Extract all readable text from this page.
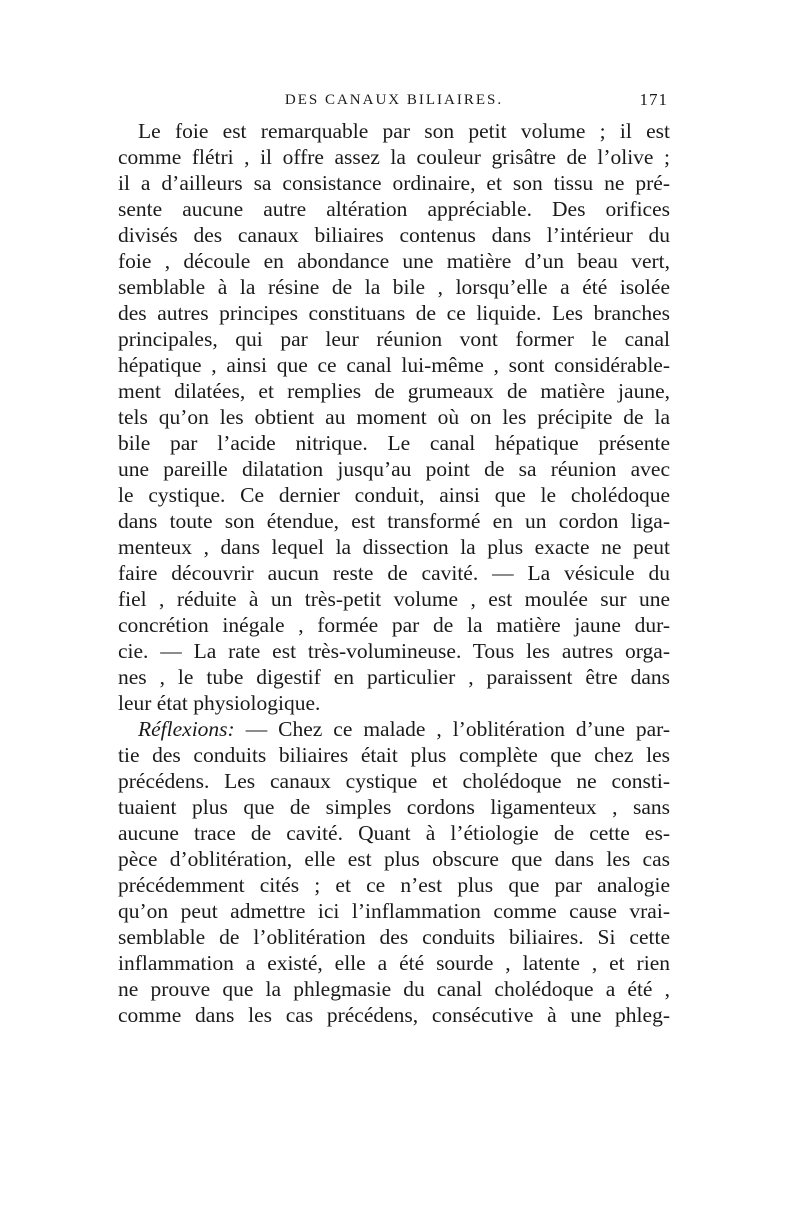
DES CANAUX BILIAIRES.	171
Le foie est remarquable par son petit volume ; il est
comme flétri , il offre assez la couleur grisâtre de l’olive ;
il a d’ailleurs sa consistance ordinaire, et son tissu ne pré-
sente aucune autre altération appréciable. Des orifices
divisés des canaux biliaires contenus dans l’intérieur du
foie , découle en abondance une matière d’un beau vert,
semblable à la résine de la bile , lorsqu’elle a été isolée
des autres principes constituans de ce liquide. Les branches
principales, qui par leur réunion vont former le canal
hépatique , ainsi que ce canal lui-même , sont considérable-
ment dilatées, et remplies de grumeaux de matière jaune,
tels qu’on les obtient au moment où on les précipite de la
bile par l’acide nitrique. Le canal hépatique présente
une pareille dilatation jusqu’au point de sa réunion avec
le cystique. Ce dernier conduit, ainsi que le cholédoque
dans toute son étendue, est transformé en un cordon liga-
menteux , dans lequel la dissection la plus exacte ne peut
faire découvrir aucun reste de cavité. — La vésicule du
fiel , réduite à un très-petit volume , est moulée sur une
concrétion inégale , formée par de la matière jaune dur-
cie. — La rate est très-volumineuse. Tous les autres orga-
nes , le tube digestif en particulier , paraissent être dans
leur état physiologique.
Réflexions: — Chez ce malade , l’oblitération d’une par-
tie des conduits biliaires était plus complète que chez les
précédens. Les canaux cystique et cholédoque ne consti-
tuaient plus que de simples cordons ligamenteux , sans
aucune trace de cavité. Quant à l’étiologie de cette es-
pèce d’oblitération, elle est plus obscure que dans les cas
précédemment cités ; et ce n’est plus que par analogie
qu’on peut admettre ici l’inflammation comme cause vrai-
semblable de l’oblitération des conduits biliaires. Si cette
inflammation a existé, elle a été sourde , latente , et rien
ne prouve que la phlegmasie du canal cholédoque a été ,
comme dans les cas précédens, consécutive à une phleg-
